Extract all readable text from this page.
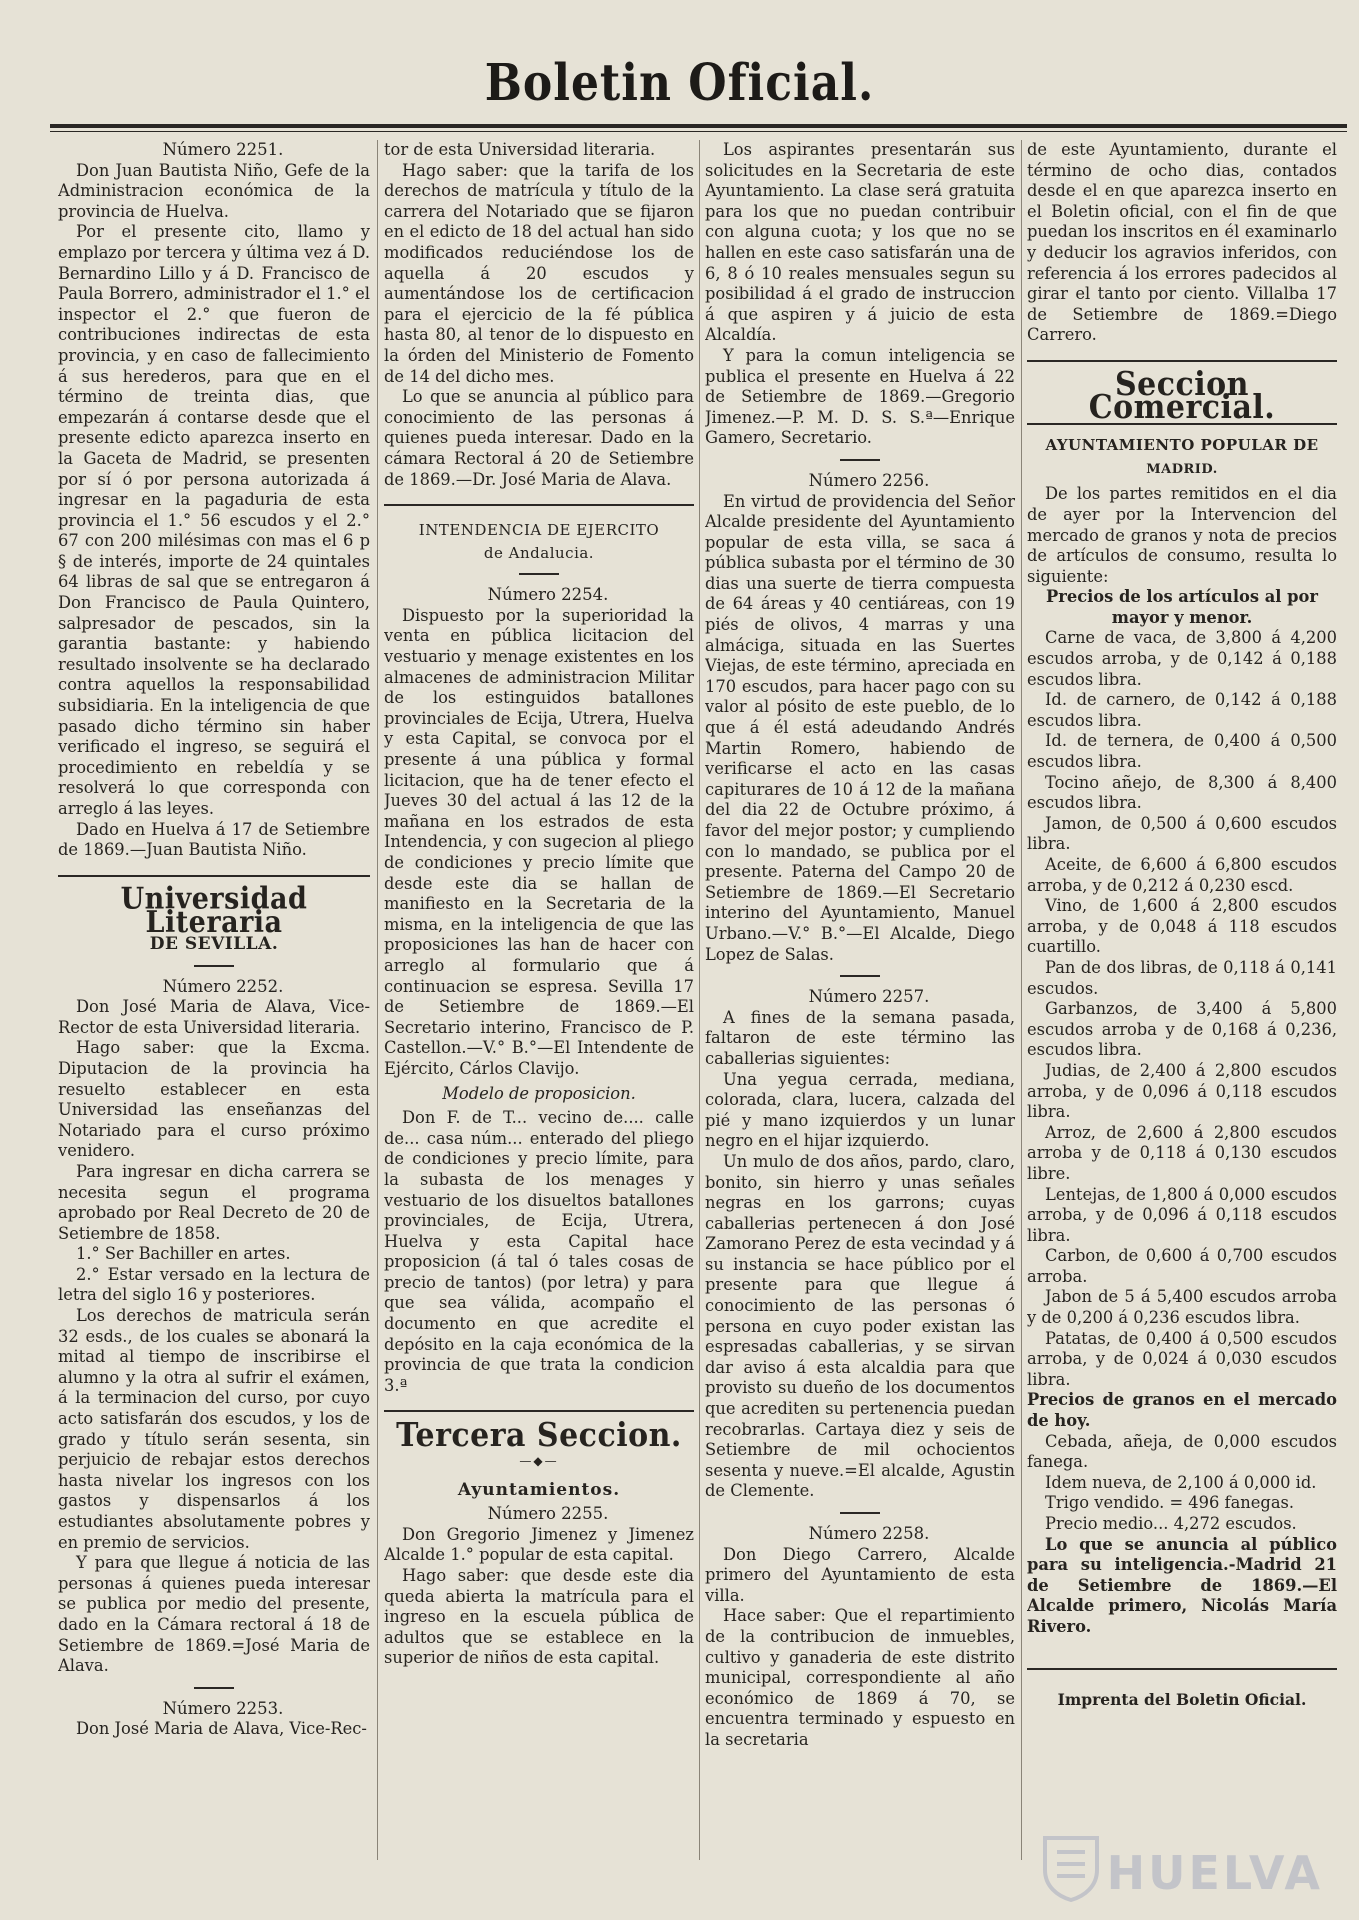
Boletin Oficial.

Número 2251.

Don Juan Bautista Niño, Gefe de la Administracion económica de la provincia de Huelva.

Por el presente cito, llamo y emplazo por tercera y última vez á D. Bernardino Lillo y á D. Francisco de Paula Borrero, administrador el 1.° el inspector el 2.° que fueron de contribuciones indirectas de esta provincia, y en caso de fallecimiento á sus herederos, para que en el término de treinta dias, que empezarán á contarse desde que el presente edicto aparezca inserto en la Gaceta de Madrid, se presenten por sí ó por persona autorizada á ingresar en la pagaduria de esta provincia el 1.° 56 escudos y el 2.° 67 con 200 milésimas con mas el 6 p § de interés, importe de 24 quintales 64 libras de sal que se entregaron á Don Francisco de Paula Quintero, salpresador de pescados, sin la garantia bastante: y habiendo resultado insolvente se ha declarado contra aquellos la responsabilidad subsidiaria. En la inteligencia de que pasado dicho término sin haber verificado el ingreso, se seguirá el procedimiento en rebeldía y se resolverá lo que corresponda con arreglo á las leyes.

Dado en Huelva á 17 de Setiembre de 1869.—Juan Bautista Niño.

Universidad Literaria
DE SEVILLA.

Número 2252.

Don José Maria de Alava, Vice-Rector de esta Universidad literaria.

Hago saber: que la Excma. Diputacion de la provincia ha resuelto establecer en esta Universidad las enseñanzas del Notariado para el curso próximo venidero.

Para ingresar en dicha carrera se necesita segun el programa aprobado por Real Decreto de 20 de Setiembre de 1858.

1.° Ser Bachiller en artes.

2.° Estar versado en la lectura de letra del siglo 16 y posteriores.

Los derechos de matricula serán 32 esds., de los cuales se abonará la mitad al tiempo de inscribirse el alumno y la otra al sufrir el exámen, á la terminacion del curso, por cuyo acto satisfarán dos escudos, y los de grado y título serán sesenta, sin perjuicio de rebajar estos derechos hasta nivelar los ingresos con los gastos y dispensarlos á los estudiantes absolutamente pobres y en premio de servicios.

Y para que llegue á noticia de las personas á quienes pueda interesar se publica por medio del presente, dado en la Cámara rectoral á 18 de Setiembre de 1869.=José Maria de Alava.

Número 2253.

Don José Maria de Alava, Vice-Rec-

tor de esta Universidad literaria.

Hago saber: que la tarifa de los derechos de matrícula y título de la carrera del Notariado que se fijaron en el edicto de 18 del actual han sido modificados reduciéndose los de aquella á 20 escudos y aumentándose los de certificacion para el ejercicio de la fé pública hasta 80, al tenor de lo dispuesto en la órden del Ministerio de Fomento de 14 del dicho mes.

Lo que se anuncia al público para conocimiento de las personas á quienes pueda interesar. Dado en la cámara Rectoral á 20 de Setiembre de 1869.—Dr. José Maria de Alava.

INTENDENCIA DE EJERCITO
de Andalucia.

Número 2254.

Dispuesto por la superioridad la venta en pública licitacion del vestuario y menage existentes en los almacenes de administracion Militar de los estinguidos batallones provinciales de Ecija, Utrera, Huelva y esta Capital, se convoca por el presente á una pública y formal licitacion, que ha de tener efecto el Jueves 30 del actual á las 12 de la mañana en los estrados de esta Intendencia, y con sugecion al pliego de condiciones y precio límite que desde este dia se hallan de manifiesto en la Secretaria de la misma, en la inteligencia de que las proposiciones las han de hacer con arreglo al formulario que á continuacion se espresa. Sevilla 17 de Setiembre de 1869.—El Secretario interino, Francisco de P. Castellon.—V.° B.°—El Intendente de Ejército, Cárlos Clavijo.

Modelo de proposicion.

Don F. de T... vecino de.... calle de... casa núm... enterado del pliego de condiciones y precio límite, para la subasta de los menages y vestuario de los disueltos batallones provinciales, de Ecija, Utrera, Huelva y esta Capital hace proposicion (á tal ó tales cosas de precio de tantos) (por letra) y para que sea válida, acompaño el documento en que acredite el depósito en la caja económica de la provincia de que trata la condicion 3.ª

Tercera Seccion.
—◆—
Ayuntamientos.

Número 2255.

Don Gregorio Jimenez y Jimenez Alcalde 1.° popular de esta capital.

Hago saber: que desde este dia queda abierta la matrícula para el ingreso en la escuela pública de adultos que se establece en la superior de niños de esta capital.

Los aspirantes presentarán sus solicitudes en la Secretaria de este Ayuntamiento. La clase será gratuita para los que no puedan contribuir con alguna cuota; y los que no se hallen en este caso satisfarán una de 6, 8 ó 10 reales mensuales segun su posibilidad á el grado de instruccion á que aspiren y á juicio de esta Alcaldía.

Y para la comun inteligencia se publica el presente en Huelva á 22 de Setiembre de 1869.—Gregorio Jimenez.—P. M. D. S. S.ª—Enrique Gamero, Secretario.

Número 2256.

En virtud de providencia del Señor Alcalde presidente del Ayuntamiento popular de esta villa, se saca á pública subasta por el término de 30 dias una suerte de tierra compuesta de 64 áreas y 40 centiáreas, con 19 piés de olivos, 4 marras y una almáciga, situada en las Suertes Viejas, de este término, apreciada en 170 escudos, para hacer pago con su valor al pósito de este pueblo, de lo que á él está adeudando Andrés Martin Romero, habiendo de verificarse el acto en las casas capiturares de 10 á 12 de la mañana del dia 22 de Octubre próximo, á favor del mejor postor; y cumpliendo con lo mandado, se publica por el presente. Paterna del Campo 20 de Setiembre de 1869.—El Secretario interino del Ayuntamiento, Manuel Urbano.—V.° B.°—El Alcalde, Diego Lopez de Salas.

Número 2257.

A fines de la semana pasada, faltaron de este término las caballerias siguientes:

Una yegua cerrada, mediana, colorada, clara, lucera, calzada del pié y mano izquierdos y un lunar negro en el hijar izquierdo.

Un mulo de dos años, pardo, claro, bonito, sin hierro y unas señales negras en los garrons; cuyas caballerias pertenecen á don José Zamorano Perez de esta vecindad y á su instancia se hace público por el presente para que llegue á conocimiento de las personas ó persona en cuyo poder existan las espresadas caballerias, y se sirvan dar aviso á esta alcaldia para que provisto su dueño de los documentos que acrediten su pertenencia puedan recobrarlas. Cartaya diez y seis de Setiembre de mil ochocientos sesenta y nueve.=El alcalde, Agustin de Clemente.

Número 2258.

Don Diego Carrero, Alcalde primero del Ayuntamiento de esta villa.

Hace saber: Que el repartimiento de la contribucion de inmuebles, cultivo y ganaderia de este distrito municipal, correspondiente al año económico de 1869 á 70, se encuentra terminado y espuesto en la secretaria

de este Ayuntamiento, durante el término de ocho dias, contados desde el en que aparezca inserto en el Boletin oficial, con el fin de que puedan los inscritos en él examinarlo y deducir los agravios inferidos, con referencia á los errores padecidos al girar el tanto por ciento. Villalba 17 de Setiembre de 1869.=Diego Carrero.

Seccion Comercial.
AYUNTAMIENTO POPULAR DE
MADRID.

De los partes remitidos en el dia de ayer por la Intervencion del mercado de granos y nota de precios de artículos de consumo, resulta lo siguiente:

Precios de los artículos al por mayor y menor.

Carne de vaca, de 3,800 á 4,200 escudos arroba, y de 0,142 á 0,188 escudos libra.

Id. de carnero, de 0,142 á 0,188 escudos libra.

Id. de ternera, de 0,400 á 0,500 escudos libra.

Tocino añejo, de 8,300 á 8,400 escudos libra.

Jamon, de 0,500 á 0,600 escudos libra.

Aceite, de 6,600 á 6,800 escudos arroba, y de 0,212 á 0,230 escd.

Vino, de 1,600 á 2,800 escudos arroba, y de 0,048 á 118 escudos cuartillo.

Pan de dos libras, de 0,118 á 0,141 escudos.

Garbanzos, de 3,400 á 5,800 escudos arroba y de 0,168 á 0,236, escudos libra.

Judias, de 2,400 á 2,800 escudos arroba, y de 0,096 á 0,118 escudos libra.

Arroz, de 2,600 á 2,800 escudos arroba y de 0,118 á 0,130 escudos libre.

Lentejas, de 1,800 á 0,000 escudos arroba, y de 0,096 á 0,118 escudos libra.

Carbon, de 0,600 á 0,700 escudos arroba.

Jabon de 5 á 5,400 escudos arroba y de 0,200 á 0,236 escudos libra.

Patatas, de 0,400 á 0,500 escudos arroba, y de 0,024 á 0,030 escudos libra.

Precios de granos en el mercado de hoy.

Cebada, añeja, de 0,000 escudos fanega.

Idem nueva, de 2,100 á 0,000 id.

Trigo vendido. = 496 fanegas.

Precio medio... 4,272 escudos.

Lo que se anuncia al público para su inteligencia.-Madrid 21 de Setiembre de 1869.—El Alcalde primero, Nicolás María Rivero.

Imprenta del Boletin Oficial.
HUELVA
